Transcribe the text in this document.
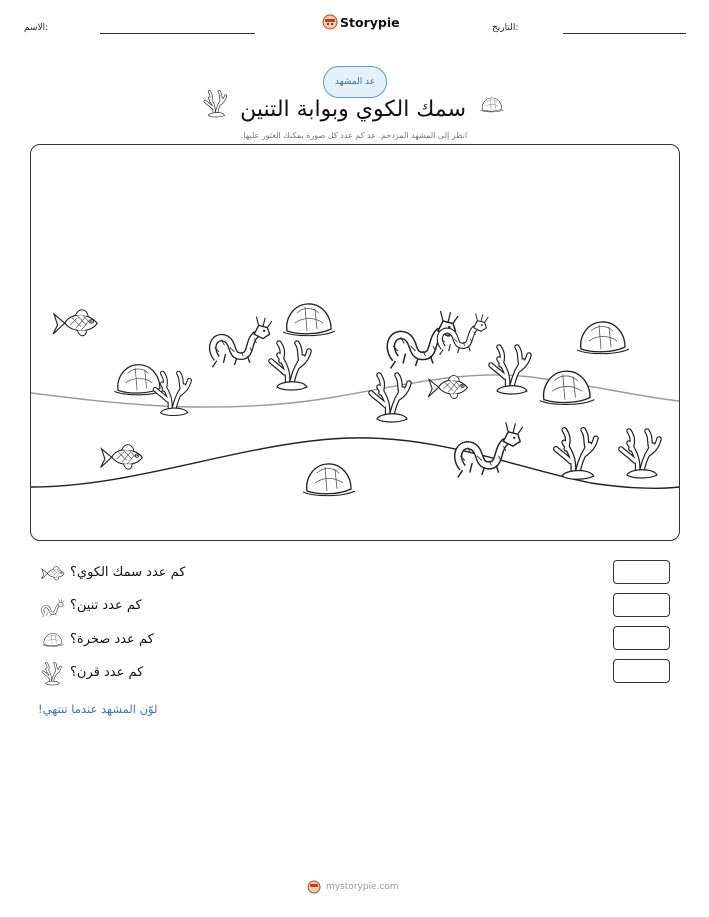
الاسم:	Storypie	التاريخ:
عد المشهد
سمك الكوي وبوابة التنين
انظر إلى المشهد المزدحم. عد كم عدد كل صورة يمكنك العثور عليها.
كم عدد سمك الكوي؟
كم عدد تنين؟
كم عدد صخرة؟
كم عدد قرن؟
لوّن المشهد عندما تنتهي!
mystorypie.com
